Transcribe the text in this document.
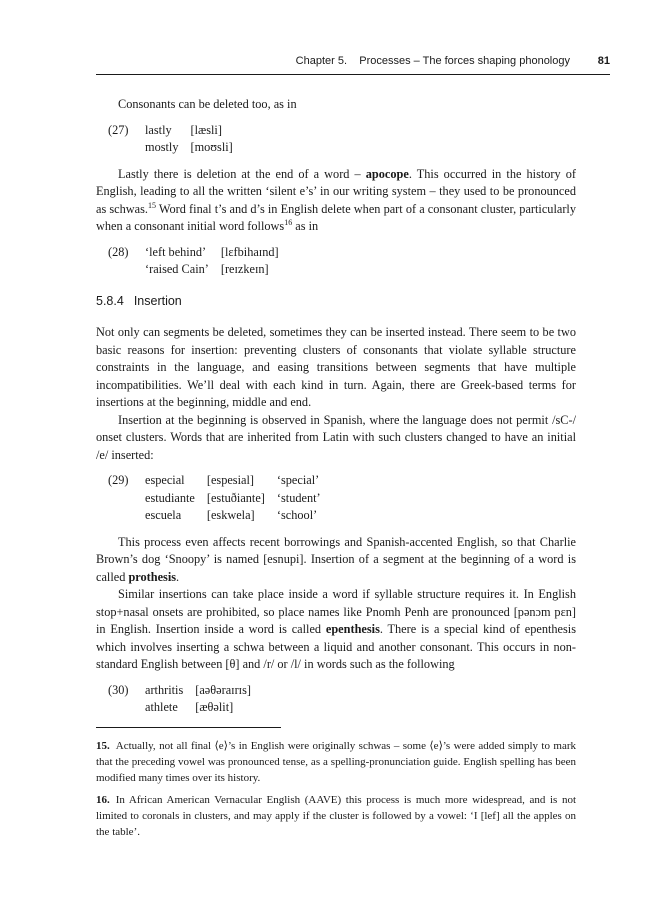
Chapter 5.    Processes – The forces shaping phonology	81

Consonants can be deleted too, as in

(27)	lastly	[læsli]
	mostly	[moʊsli]

Lastly there is deletion at the end of a word – apocope. This occurred in the history of English, leading to all the written ‘silent e’s’ in our writing system – they used to be pronounced as schwas.$^{15}$ Word final t’s and d’s in English delete when part of a consonant cluster, particularly when a consonant initial word follows$^{16}$ as in

(28)	‘left behind’	[lɛfbihaɪnd]
	‘raised Cain’	[reɪzkeɪn]
5.8.4 Insertion

Not only can segments be deleted, sometimes they can be inserted instead. There seem to be two basic reasons for insertion: preventing clusters of consonants that violate syllable structure constraints in the language, and easing transitions between segments that have multiple incompatibilities. We’ll deal with each kind in turn. Again, there are Greek-based terms for insertions at the beginning, middle and end.

Insertion at the beginning is observed in Spanish, where the language does not permit /sC-/ onset clusters. Words that are inherited from Latin with such clusters changed to have an initial /e/ inserted:

(29)	especial	[espesial]	‘special’
	estudiante	[estuðiante]	‘student’
	escuela	[eskwela]	‘school’

This process even affects recent borrowings and Spanish-accented English, so that Charlie Brown’s dog ‘Snoopy’ is named [esnupi]. Insertion of a segment at the beginning of a word is called prothesis.

Similar insertions can take place inside a word if syllable structure requires it. In English stop+nasal onsets are prohibited, so place names like Pnomh Penh are pronounced [pənɔm pɛn] in English. Insertion inside a word is called epenthesis. There is a special kind of epenthesis which involves inserting a schwa between a liquid and another consonant. This occurs in non-standard English between [θ] and /r/ or /l/ in words such as the following

(30)	arthritis	[aəθəraɪrɪs]
	athlete	[æθəlit]

15. Actually, not all final ⟨e⟩’s in English were originally schwas – some ⟨e⟩’s were added simply to mark that the preceding vowel was pronounced tense, as a spelling-pronunciation guide. English spelling has been modified many times over its history.

16. In African American Vernacular English (AAVE) this process is much more widespread, and is not limited to coronals in clusters, and may apply if the cluster is followed by a vowel: ‘I [lef] all the apples on the table’.
